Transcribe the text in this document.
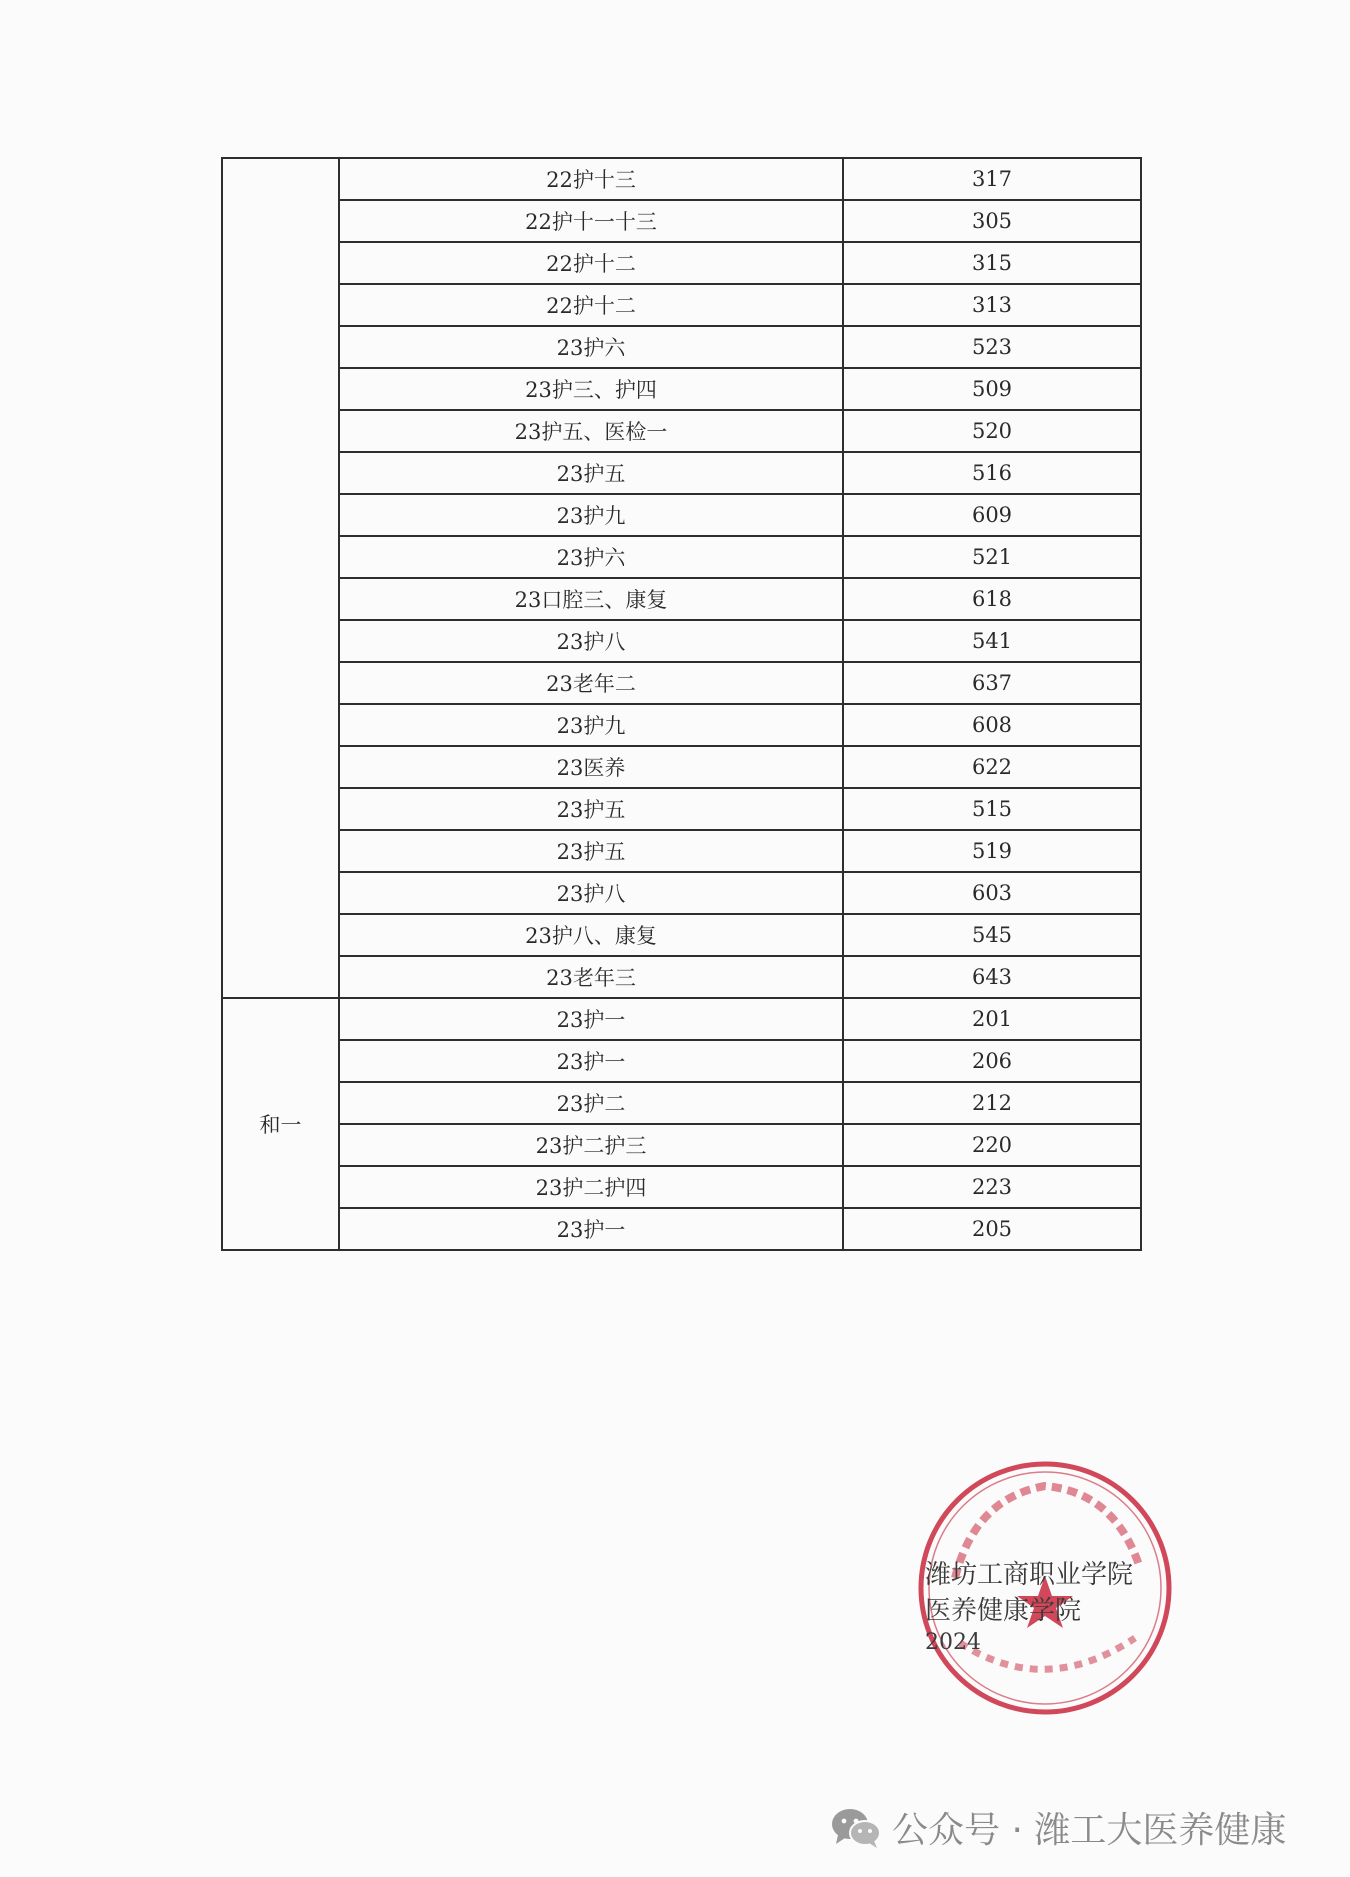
	22护十三	317
	22护十一十三	305
	22护十二	315
	22护十二	313
	23护六	523
	23护三、护四	509
	23护五、医检一	520
	23护五	516
	23护九	609
	23护六	521
	23口腔三、康复	618
	23护八	541
	23老年二	637
	23护九	608
	23医养	622
	23护五	515
	23护五	519
	23护八	603
	23护八、康复	545
	23老年三	643
和一	23护一	201
	23护一	206
	23护二	212
	23护二护三	220
	23护二护四	223
	23护一	205
潍坊工商职业学院
医养健康学院
2024
公众号 · 潍工大医养健康
